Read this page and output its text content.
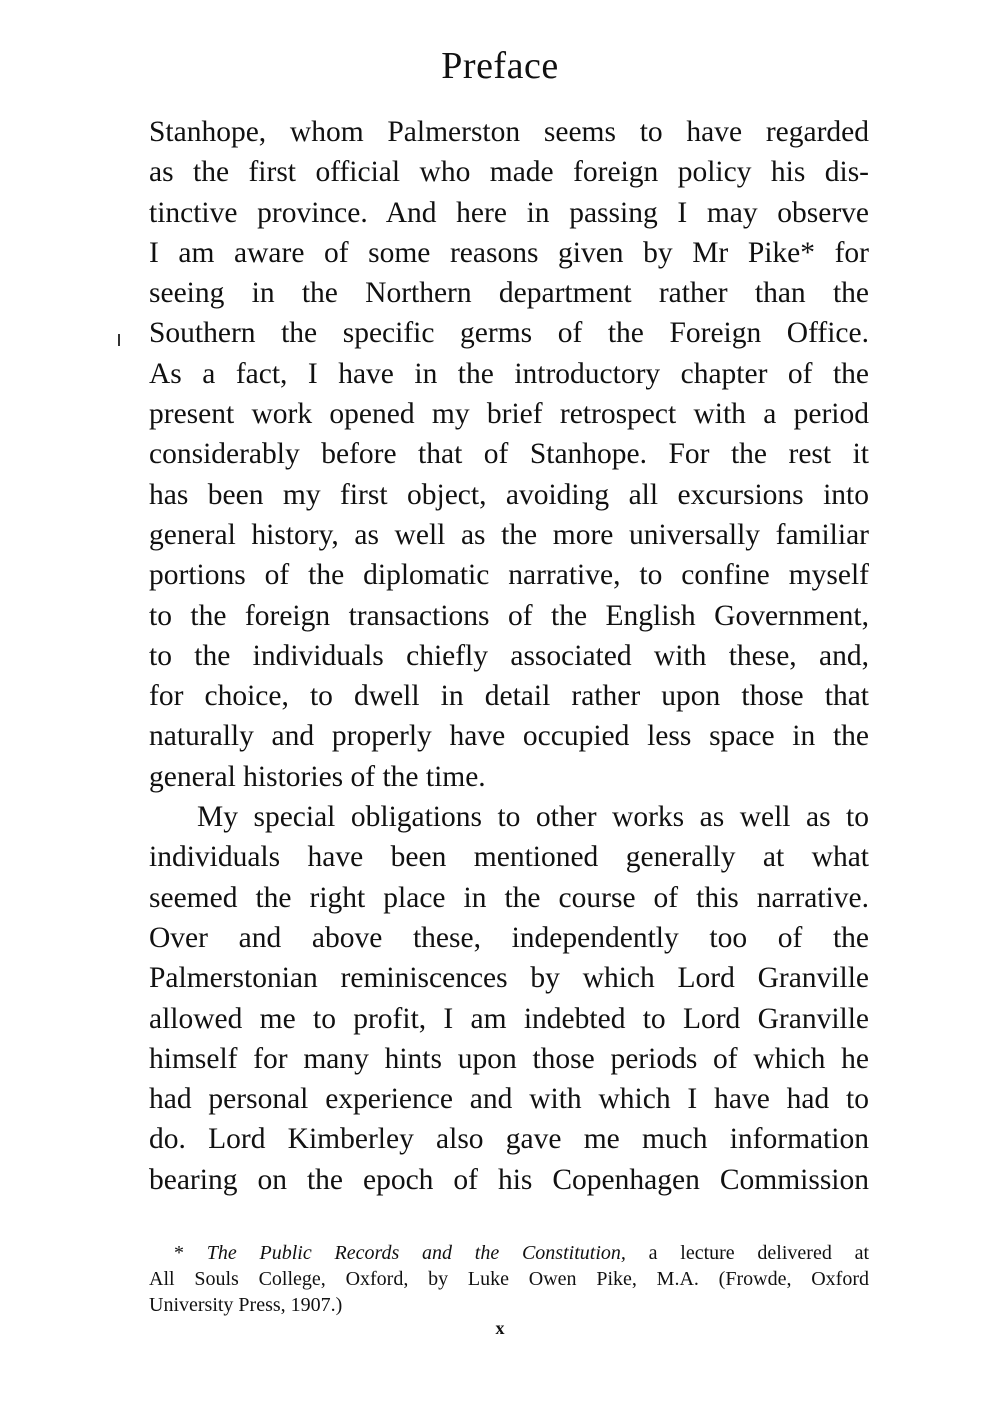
Preface
Stanhope, whom Palmerston seems to have regarded
as the first official who made foreign policy his dis-
tinctive province. And here in passing I may observe
I am aware of some reasons given by Mr Pike* for
seeing in the Northern department rather than the
Southern the specific germs of the Foreign Office.
As a fact, I have in the introductory chapter of the
present work opened my brief retrospect with a period
considerably before that of Stanhope. For the rest it
has been my first object, avoiding all excursions into
general history, as well as the more universally familiar
portions of the diplomatic narrative, to confine myself
to the foreign transactions of the English Government,
to the individuals chiefly associated with these, and,
for choice, to dwell in detail rather upon those that
naturally and properly have occupied less space in the
general histories of the time.
My special obligations to other works as well as to
individuals have been mentioned generally at what
seemed the right place in the course of this narrative.
Over and above these, independently too of the
Palmerstonian reminiscences by which Lord Granville
allowed me to profit, I am indebted to Lord Granville
himself for many hints upon those periods of which he
had personal experience and with which I have had to
do. Lord Kimberley also gave me much information
bearing on the epoch of his Copenhagen Commission
* The Public Records and the Constitution, a lecture delivered at
All Souls College, Oxford, by Luke Owen Pike, M.A. (Frowde, Oxford
University Press, 1907.)
x
